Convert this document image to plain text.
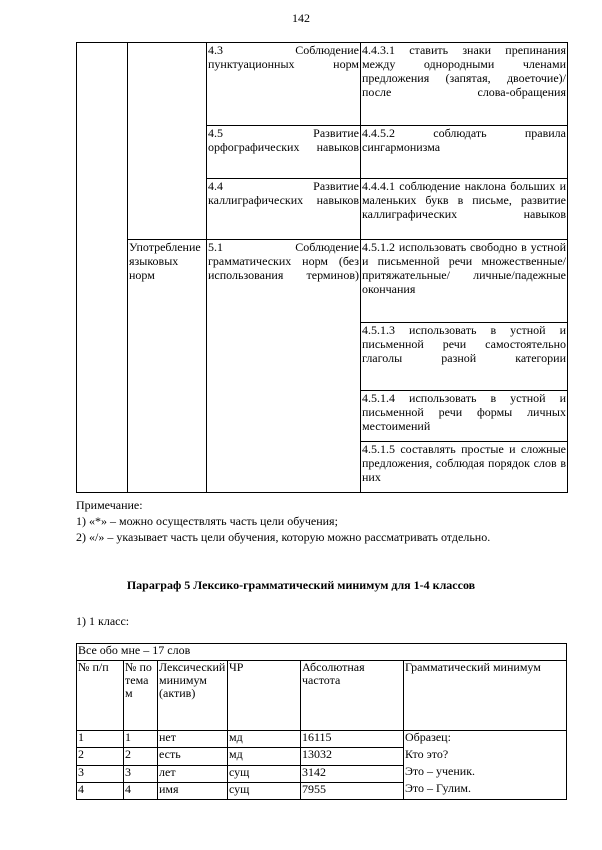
142
		4.3 Соблюдение пунктуационных норм	4.4.3.1 ставить знаки препинания между однородными членами предложения (запятая, двоеточие)/ после слова-обращения
		4.5 Развитие орфографических навыков	4.4.5.2 соблюдать правила сингармонизма
		4.4 Развитие каллиграфических навыков	4.4.4.1 соблюдение наклона больших и маленьких букв в письме, развитие каллиграфических навыков
	Употребление языковых норм	5.1 Соблюдение грамматических норм (без использования терминов)	4.5.1.2 использовать свободно в устной и письменной речи множественные/ притяжательные/ личные/падежные окончания
			4.5.1.3 использовать в устной и письменной речи самостоятельно глаголы разной категории
			4.5.1.4 использовать в устной и письменной речи формы личных местоимений
			4.5.1.5 составлять простые и сложные предложения, соблюдая порядок слов в них
Примечание:
1) «*» – можно осуществлять часть цели обучения;
2) «/» – указывает часть цели обучения, которую можно рассматривать отдельно.
Параграф 5 Лексико-грамматический минимум для 1-4 классов
1) 1 класс:
Все обо мне – 17 слов					
№ п/п	№ по тема м	Лексический минимум (актив)	ЧР	Абсолютная частота	Грамматический минимум
1	1	нет	мд	16115	Образец:
Кто это?
Это – ученик.
Это – Гулим.

2	2	есть	мд	13032	
3	3	лет	сущ	3142	
4	4	имя	сущ	7955	
